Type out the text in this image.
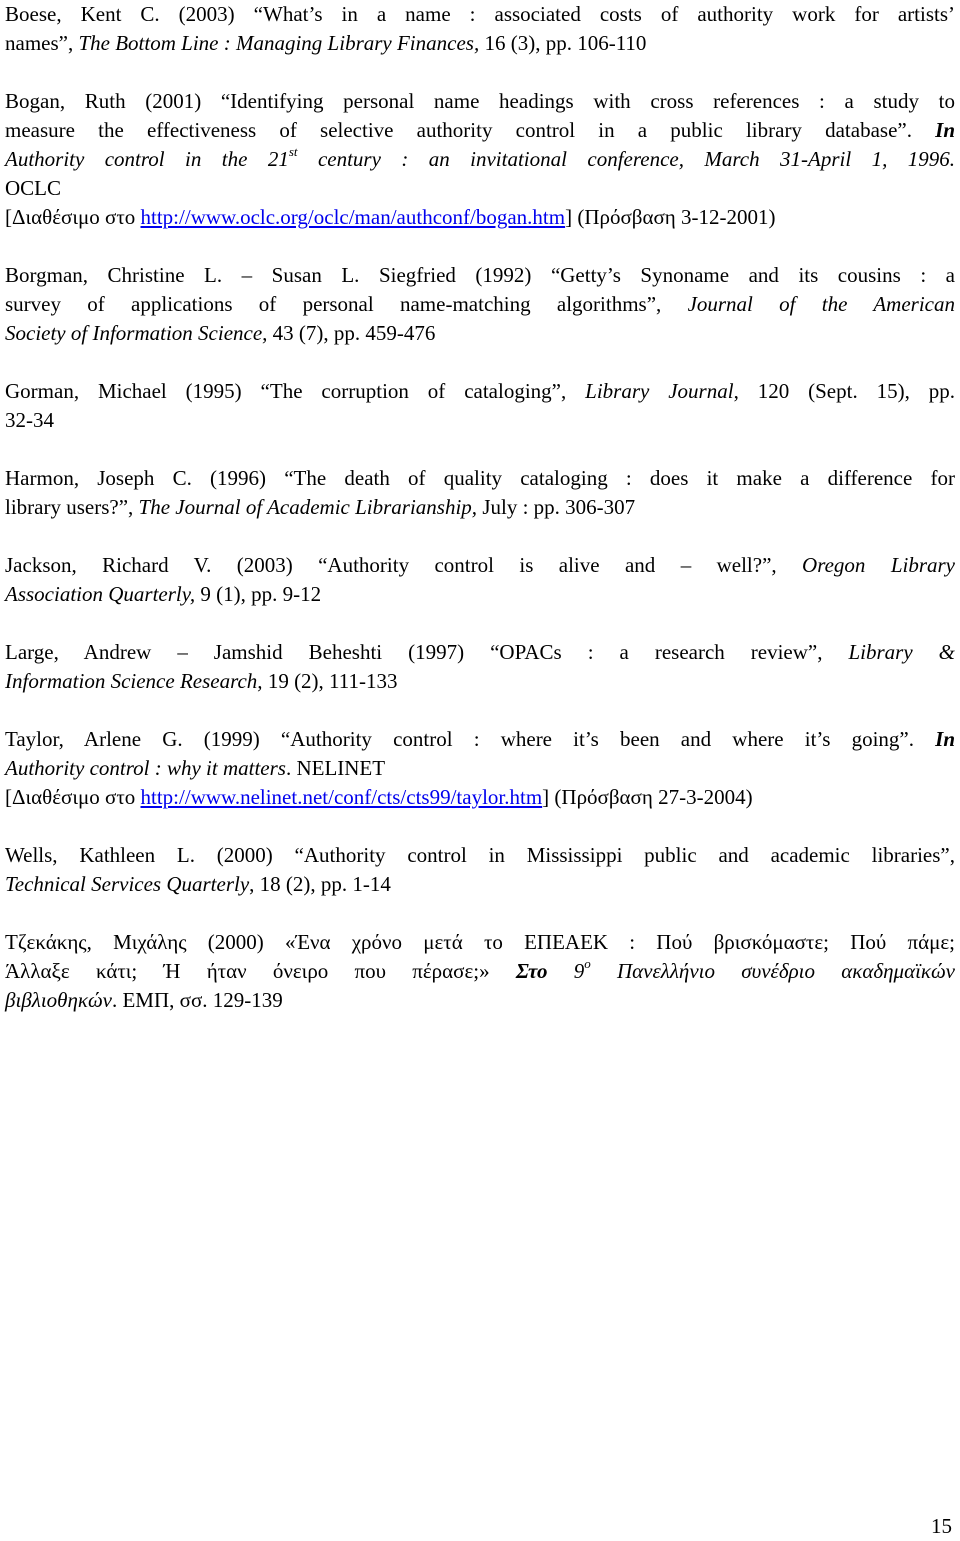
Boese, Kent C. (2003) “What’s in a name : associated costs of authority work for artists’
names”, The Bottom Line : Managing Library Finances, 16 (3), pp. 106-110
Bogan, Ruth (2001) “Identifying personal name headings with cross references : a study to
measure the effectiveness of selective authority control in a public library database”. In
Authority control in the 21st century : an invitational conference, March 31-April 1, 1996.
OCLC
[Διαθέσιμο στο http://www.oclc.org/oclc/man/authconf/bogan.htm] (Πρόσβαση 3-12-2001)
Borgman, Christine L. – Susan L. Siegfried (1992) “Getty’s Synoname and its cousins : a
survey of applications of personal name-matching algorithms”, Journal of the American
Society of Information Science, 43 (7), pp. 459-476
Gorman, Michael (1995) “The corruption of cataloging”, Library Journal, 120 (Sept. 15), pp.
32-34
Harmon, Joseph C. (1996) “The death of quality cataloging : does it make a difference for
library users?”, The Journal of Academic Librarianship, July : pp. 306-307
Jackson, Richard V. (2003) “Authority control is alive and – well?”, Oregon Library
Association Quarterly, 9 (1), pp. 9-12
Large, Andrew – Jamshid Beheshti (1997) “OPACs : a research review”, Library &
Information Science Research, 19 (2), 111-133
Taylor, Arlene G. (1999) “Authority control : where it’s been and where it’s going”. In
Authority control : why it matters. NELINET
[Διαθέσιμο στο http://www.nelinet.net/conf/cts/cts99/taylor.htm] (Πρόσβαση 27-3-2004)
Wells, Kathleen L. (2000) “Authority control in Mississippi public and academic libraries”,
Technical Services Quarterly, 18 (2), pp. 1-14
Τζεκάκης, Μιχάλης (2000) «Ένα χρόνο μετά το ΕΠΕΑΕΚ : Πού βρισκόμαστε; Πού πάμε;
Άλλαξε κάτι; Ή ήταν όνειρο που πέρασε;» Στο 9$^o$ Πανελλήνιο συνέδριο ακαδημαϊκών
βιβλιοθηκών. ΕΜΠ, σσ. 129-139
15
